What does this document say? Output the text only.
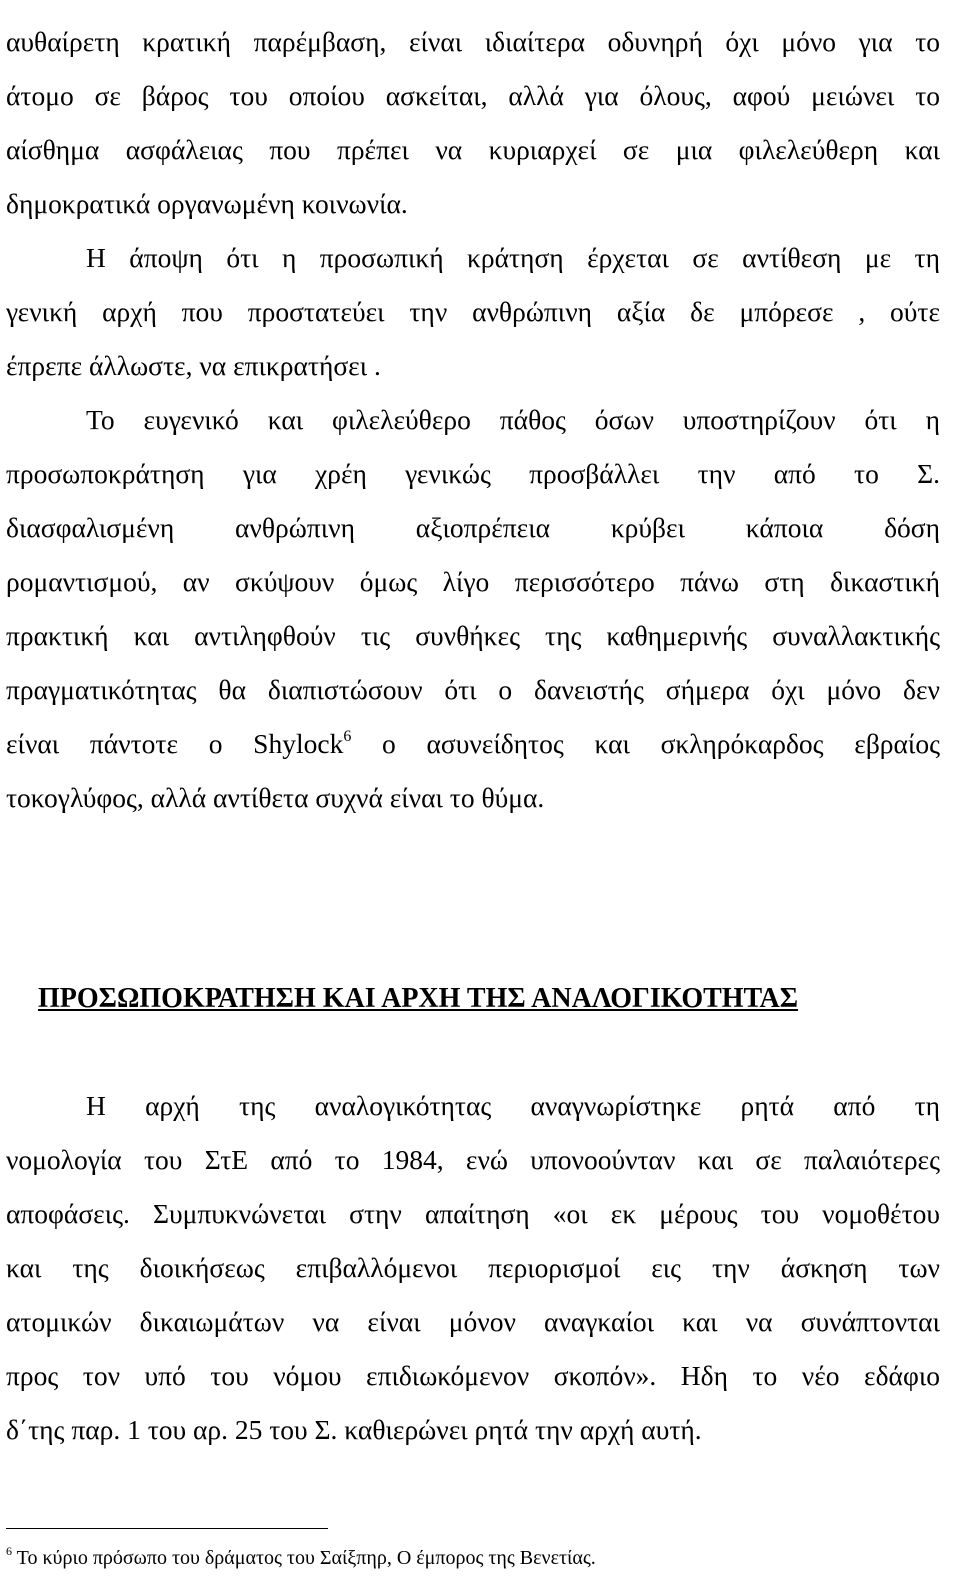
αυθαίρετη κρατική παρέμβαση, είναι ιδιαίτερα οδυνηρή όχι μόνο για το
άτομο σε βάρος του οποίου ασκείται, αλλά για όλους, αφού μειώνει το
αίσθημα ασφάλειας που πρέπει να κυριαρχεί σε μια φιλελεύθερη και
δημοκρατικά οργανωμένη κοινωνία.
Η άποψη ότι η προσωπική κράτηση έρχεται σε αντίθεση με τη
γενική αρχή που προστατεύει την ανθρώπινη αξία δε μπόρεσε , ούτε
έπρεπε άλλωστε, να επικρατήσει .
Το ευγενικό και φιλελεύθερο πάθος όσων υποστηρίζουν ότι η
προσωποκράτηση για χρέη γενικώς προσβάλλει την από το Σ.
διασφαλισμένη ανθρώπινη αξιοπρέπεια κρύβει κάποια δόση
ρομαντισμού, αν σκύψουν όμως λίγο περισσότερο πάνω στη δικαστική
πρακτική και αντιληφθούν τις συνθήκες της καθημερινής συναλλακτικής
πραγματικότητας θα διαπιστώσουν ότι ο δανειστής σήμερα όχι μόνο δεν
είναι πάντοτε ο Shylock$^6$ ο ασυνείδητος και σκληρόκαρδος εβραίος
τοκογλύφος, αλλά αντίθετα συχνά είναι το θύμα.
ΠΡΟΣΩΠΟΚΡΑΤΗΣΗ ΚΑΙ ΑΡΧΗ ΤΗΣ ΑΝΑΛΟΓΙΚΟΤΗΤΑΣ
Η αρχή της αναλογικότητας αναγνωρίστηκε ρητά από τη
νομολογία του ΣτΕ από το 1984, ενώ υπονοούνταν και σε παλαιότερες
αποφάσεις. Συμπυκνώνεται στην απαίτηση «οι εκ μέρους του νομοθέτου
και της διοικήσεως επιβαλλόμενοι περιορισμοί εις την άσκηση των
ατομικών δικαιωμάτων να είναι μόνον αναγκαίοι και να συνάπτονται
προς τον υπό του νόμου επιδιωκόμενον σκοπόν». Ηδη το νέο εδάφιο
δ΄της παρ. 1 του αρ. 25 του Σ. καθιερώνει ρητά την αρχή αυτή.
$^6$ Το κύριο πρόσωπο του δράματος του Σαίξπηρ, Ο έμπορος της Βενετίας.
